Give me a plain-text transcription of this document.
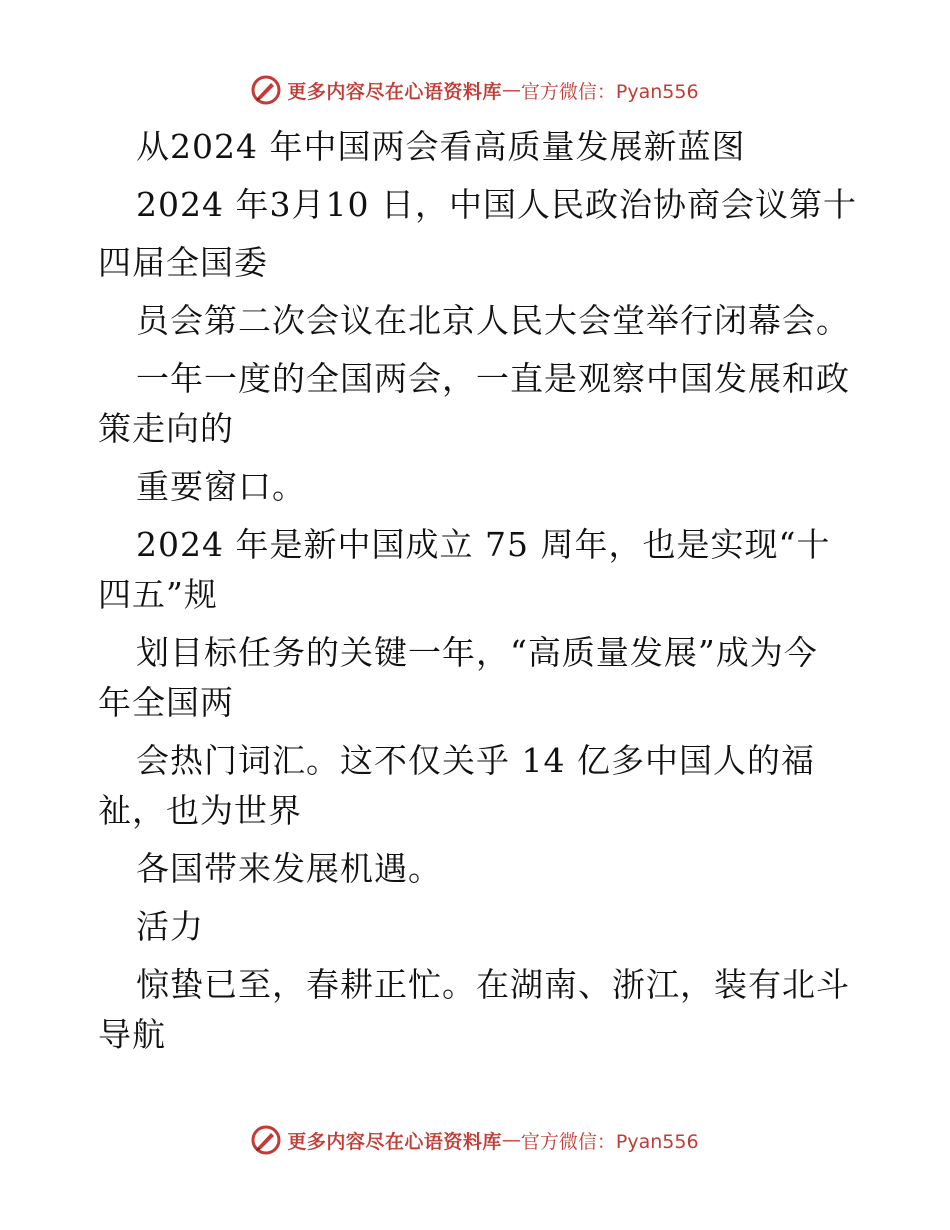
更多内容尽在心语资料库 — 官方微信：Pyan556
从2024 年中国两会看高质量发展新蓝图
2024 年3月10 日，中国人民政治协商会议第十
四届全国委
员会第二次会议在北京人民大会堂举行闭幕会。
一年一度的全国两会，一直是观察中国发展和政
策走向的
重要窗口。
2024 年是新中国成立 75 周年，也是实现“十
四五”规
划目标任务的关键一年，“高质量发展”成为今
年全国两
会热门词汇。这不仅关乎 14 亿多中国人的福
祉，也为世界
各国带来发展机遇。
活力
惊蛰已至，春耕正忙。在湖南、浙江，装有北斗
导航
更多内容尽在心语资料库 — 官方微信：Pyan556
